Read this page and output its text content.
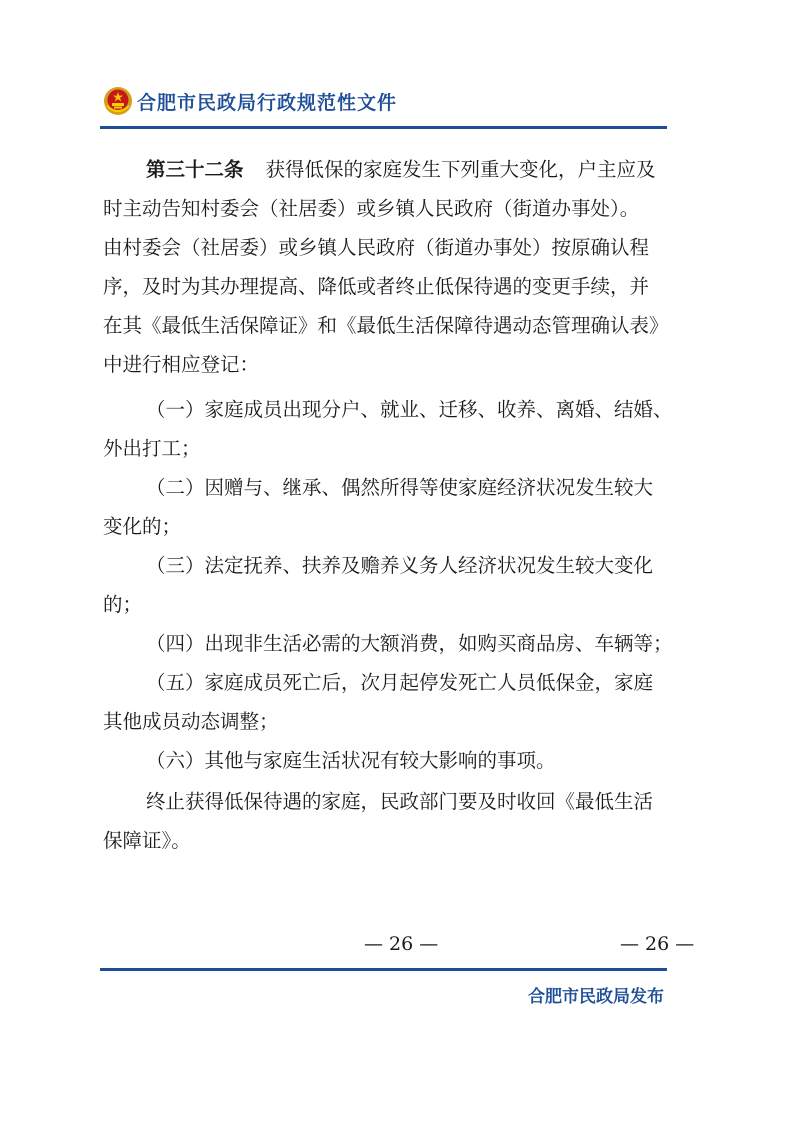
合肥市民政局行政规范性文件
第三十二条 获得低保的家庭发生下列重大变化，户主应及
时主动告知村委会（社居委）或乡镇人民政府（街道办事处）。
由村委会（社居委）或乡镇人民政府（街道办事处）按原确认程
序，及时为其办理提高、降低或者终止低保待遇的变更手续，并
在其《最低生活保障证》和《最低生活保障待遇动态管理确认表》
中进行相应登记：
（一）家庭成员出现分户、就业、迁移、收养、离婚、结婚、
外出打工；
（二）因赠与、继承、偶然所得等使家庭经济状况发生较大
变化的；
（三）法定抚养、扶养及赡养义务人经济状况发生较大变化
的；
（四）出现非生活必需的大额消费，如购买商品房、车辆等；
（五）家庭成员死亡后，次月起停发死亡人员低保金，家庭
其他成员动态调整；
（六）其他与家庭生活状况有较大影响的事项。
终止获得低保待遇的家庭，民政部门要及时收回《最低生活
保障证》。
— 26 —	— 26 —
合肥市民政局发布
